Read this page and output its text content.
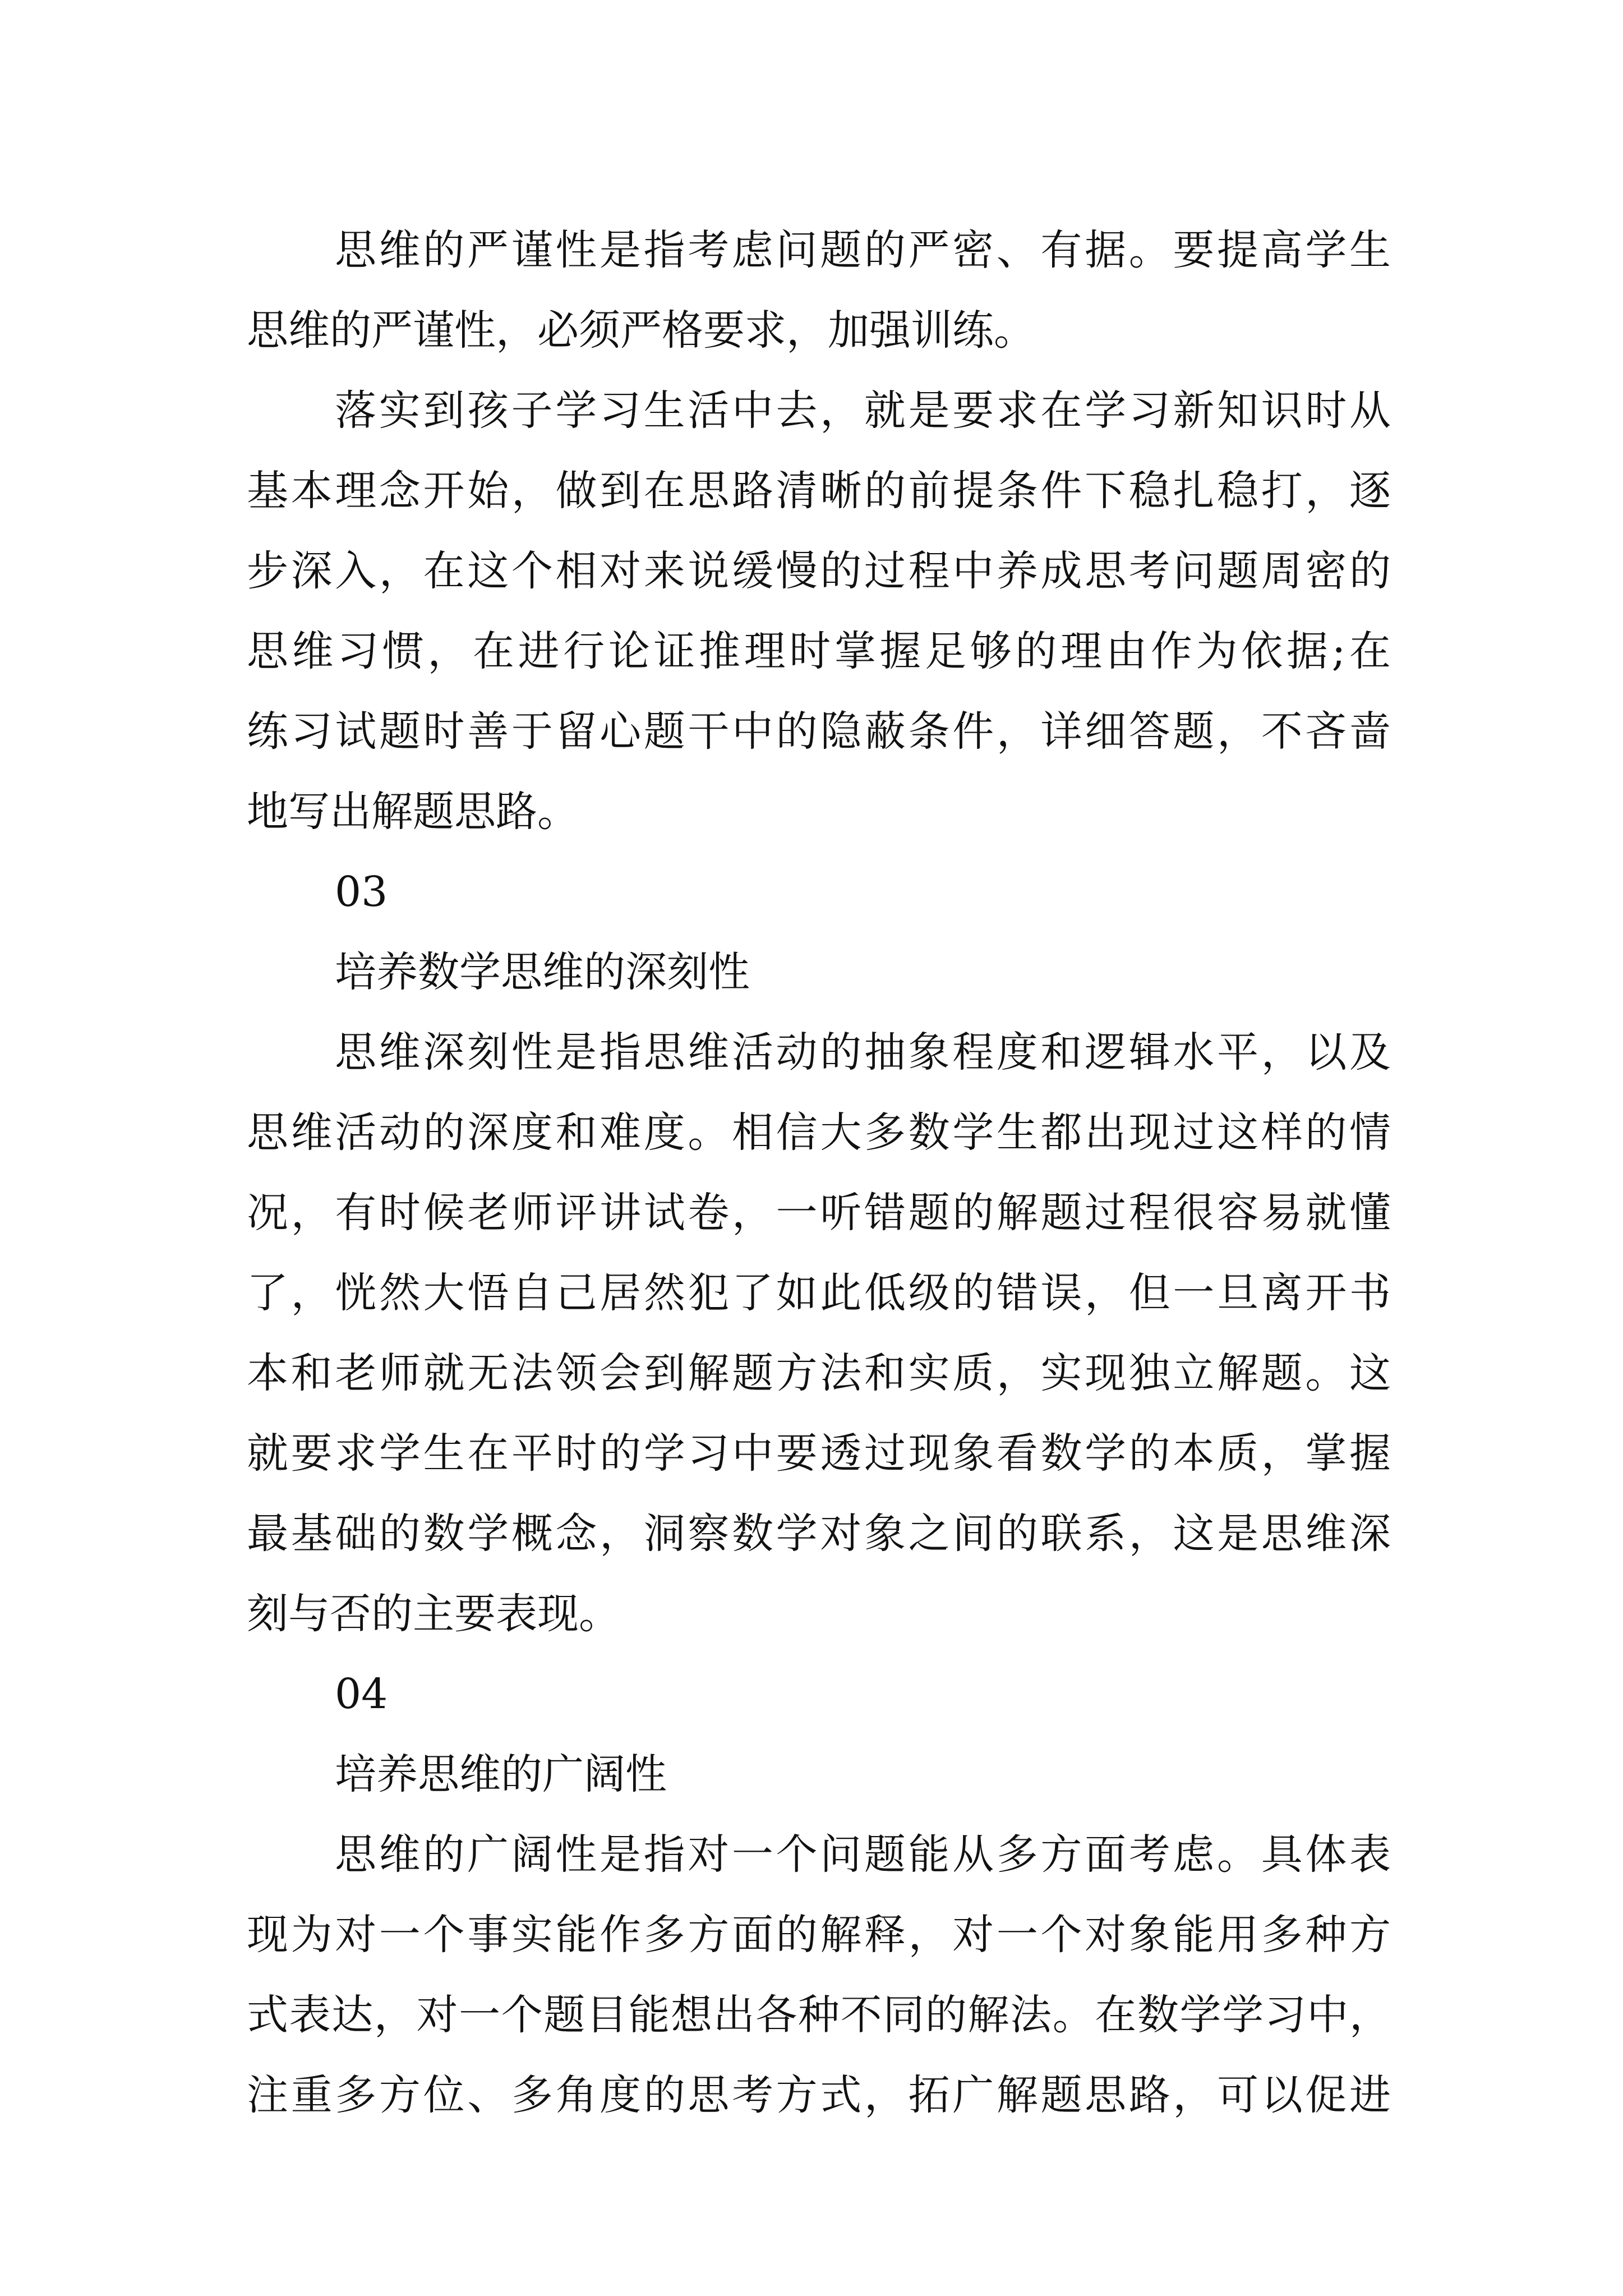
思维的严谨性是指考虑问题的严密、有据。要提高学生
思维的严谨性，必须严格要求，加强训练。
落实到孩子学习生活中去，就是要求在学习新知识时从
基本理念开始，做到在思路清晰的前提条件下稳扎稳打，逐
步深入，在这个相对来说缓慢的过程中养成思考问题周密的
思维习惯，在进行论证推理时掌握足够的理由作为依据;在
练习试题时善于留心题干中的隐蔽条件，详细答题，不吝啬
地写出解题思路。
03
培养数学思维的深刻性
思维深刻性是指思维活动的抽象程度和逻辑水平，以及
思维活动的深度和难度。相信大多数学生都出现过这样的情
况，有时候老师评讲试卷，一听错题的解题过程很容易就懂
了，恍然大悟自己居然犯了如此低级的错误，但一旦离开书
本和老师就无法领会到解题方法和实质，实现独立解题。这
就要求学生在平时的学习中要透过现象看数学的本质，掌握
最基础的数学概念，洞察数学对象之间的联系，这是思维深
刻与否的主要表现。
04
培养思维的广阔性
思维的广阔性是指对一个问题能从多方面考虑。具体表
现为对一个事实能作多方面的解释，对一个对象能用多种方
式表达，对一个题目能想出各种不同的解法。在数学学习中，
注重多方位、多角度的思考方式，拓广解题思路，可以促进
